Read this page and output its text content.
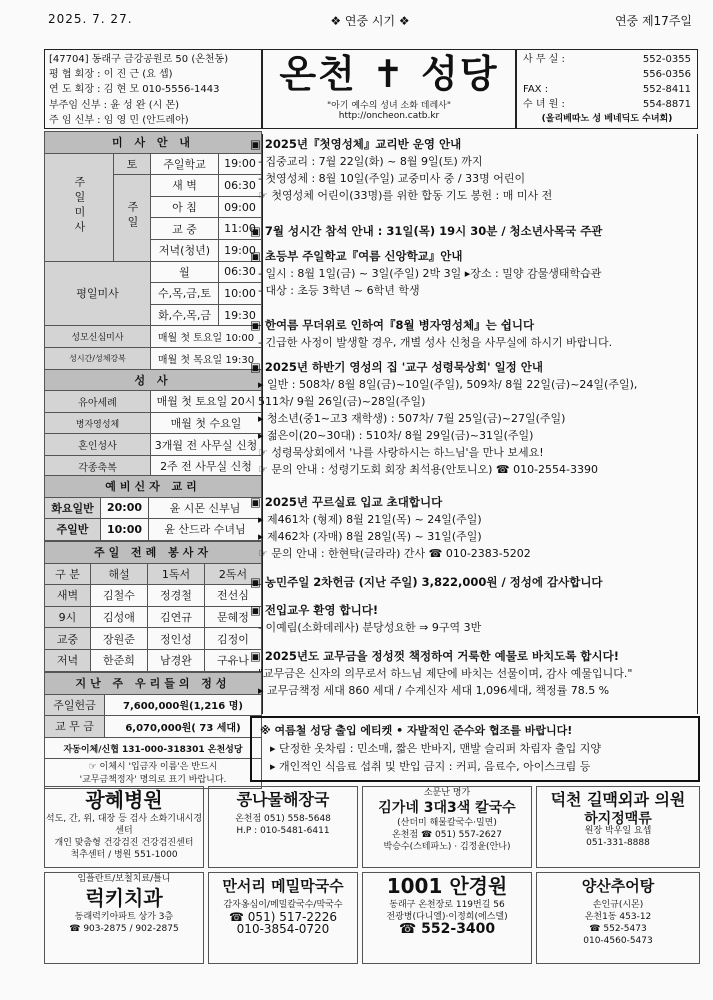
2025. 7. 27.	❖ 연중 시기 ❖	연중 제17주일
[47704] 동래구 금강공원로 50 (온천동)
평 협 회장 : 이 진 근 (요 셉)
연 도 회장 : 김 현 모 010-5556-1443
부주임 신부 : 윤 성 완 (시 몬)
주 임 신부 : 임 영 민 (안드레아)
온천 ✝ 성당
"아기 예수의 성녀 소화 데레사"
http://oncheon.catb.kr
사 무 실 :	552-0355
556-0356
FAX :	552-8411
수 녀 원 :	554-8871
(올리베따노 성 베네딕도 수녀회)
미 사 안 내			
주일미사	토	주일학교	19:00
	주일	새 벽	06:30
		아 침	09:00
		교 중	11:00
		저녁(청년)	19:00
평일미사		월	06:30
		수,목,금,토	10:00
		화,수,목,금	19:30
성모신심미사		매월 첫 토요일 10:00	
성시간/성체강복		매월 첫 목요일 19:30	
성 사			
유아세례		매월 첫 토요일 20시	
병자영성체		매월 첫 수요일	
혼인성사		3개월 전 사무실 신청	
각종축복		2주 전 사무실 신청	
예비신자 교리		
화요일반	20:00	윤 시몬 신부님
주일반	10:00	윤 산드라 수녀님
주일 전례 봉사자			
구 분	해설	1독서	2독서
새벽	김철수	정경철	전선심
9시	김성애	김연규	문혜정
교중	장원준	정인성	김정이
저녁	한준희	남경완	구유나
지난 주 우리들의 정성	
주일헌금	7,600,000원(1,216 명)
교 무 금	6,070,000원( 73 세대)
자동이체/신협 131-000-318301 온천성당	

☞ 이체시 '입금자 이름'은 반드시
'교무금책정자' 명의로 표기 바랍니다.	
▣ 2025년『첫영성체』교리반 운영 안내
- 집중교리 : 7월 22일(화) ~ 8월 9일(토) 까지
- 첫영성체 : 8월 10일(주일) 교중미사 중 / 33명 어린이
☞ 첫영성체 어린이(33명)를 위한 합동 기도 봉헌 : 매 미사 전
▣ 7월 성시간 참석 안내 : 31일(목) 19시 30분 / 청소년사목국 주관
▣ 초등부 주일학교『여름 신앙학교』안내
- 일시 : 8월 1일(금) ~ 3일(주일) 2박 3일 ▸장소 : 밀양 감물생태학습관
- 대상 : 초등 3학년 ~ 6학년 학생
▣ 한여름 무더위로 인하여『8월 병자영성체』는 쉽니다
- 긴급한 사정이 발생할 경우, 개별 성사 신청을 사무실에 하시기 바랍니다.
▣ 2025년 하반기 영성의 집 '교구 성령묵상회' 일정 안내
▸ 일반 : 508차/ 8월 8일(금)~10일(주일), 509차/ 8월 22일(금)~24일(주일),
511차/ 9월 26일(금)~28일(주일)
▸ 청소년(중1~고3 재학생) : 507차/ 7월 25일(금)~27일(주일)
▸ 젊은이(20~30대) : 510차/ 8월 29일(금)~31일(주일)
☞ 성령묵상회에서 '나를 사랑하시는 하느님'을 만나 보세요!
☞ 문의 안내 : 성령기도회 회장 최석용(안토니오) ☎ 010-2554-3390
▣ 2025년 꾸르실료 입교 초대합니다
▸ 제461차 (형제) 8월 21일(목) ~ 24일(주일)
▸ 제462차 (자매) 8월 28일(목) ~ 31일(주일)
☞ 문의 안내 : 한현탁(글라라) 간사 ☎ 010-2383-5202
▣ 농민주일 2차헌금 (지난 주일) 3,822,000원 / 정성에 감사합니다
▣ 전입교우 환영 합니다!
- 이예림(소화데레사) 분당성요한 ⇒ 9구역 3반
▣ 2025년도 교무금을 정성껏 책정하여 거룩한 예물로 바치도록 합시다!
"교무금은 신자의 의무로서 하느님 제단에 바치는 선물이며, 감사 예물입니다."
▸ 교무금책정 세대 860 세대 / 수계신자 세대 1,096세대, 책정률 78.5 %
※ 여름철 성당 출입 에티켓 • 자발적인 준수와 협조를 바랍니다!
▸ 단정한 옷차림 : 민소매, 짧은 반바지, 맨발 슬리퍼 차림자 출입 지양
▸ 개인적인 식음료 섭취 및 반입 금지 : 커피, 음료수, 아이스크림 등
광혜병원
석도, 간, 위, 대장 등 검사 소화기내시경센터
개인 맞춤형 건강검진 건강검진센터
척추센터 / 병원 551-1000
콩나물해장국
온천점 051) 558-5648
H.P : 010-5481-6411
소문난 명가
김가네 3대3색 칼국수
(산더미 해물칼국수·밀면)
온천점 ☎ 051) 557-2627
박승수(스테파노) · 김정윤(안나)
덕천 길맥외과 의원
하지정맥류
원장 박우일 요셉
051-331-8888
임플란트/보철치료/틀니
럭키치과
동래럭키아파트 상가 3층
☎ 903-2875 / 902-2875
만서리 메밀막국수
감자옹심이/메밀칼국수/막국수
☎ 051) 517-2226
010-3854-0720
1001 안경원
동래구 온천장로 119번길 56
전광병(다니엘)·이정희(에스델)
☎ 552-3400
양산추어탕
손인규(시몬)
온천1동 453-12
☎ 552-5473
010-4560-5473
